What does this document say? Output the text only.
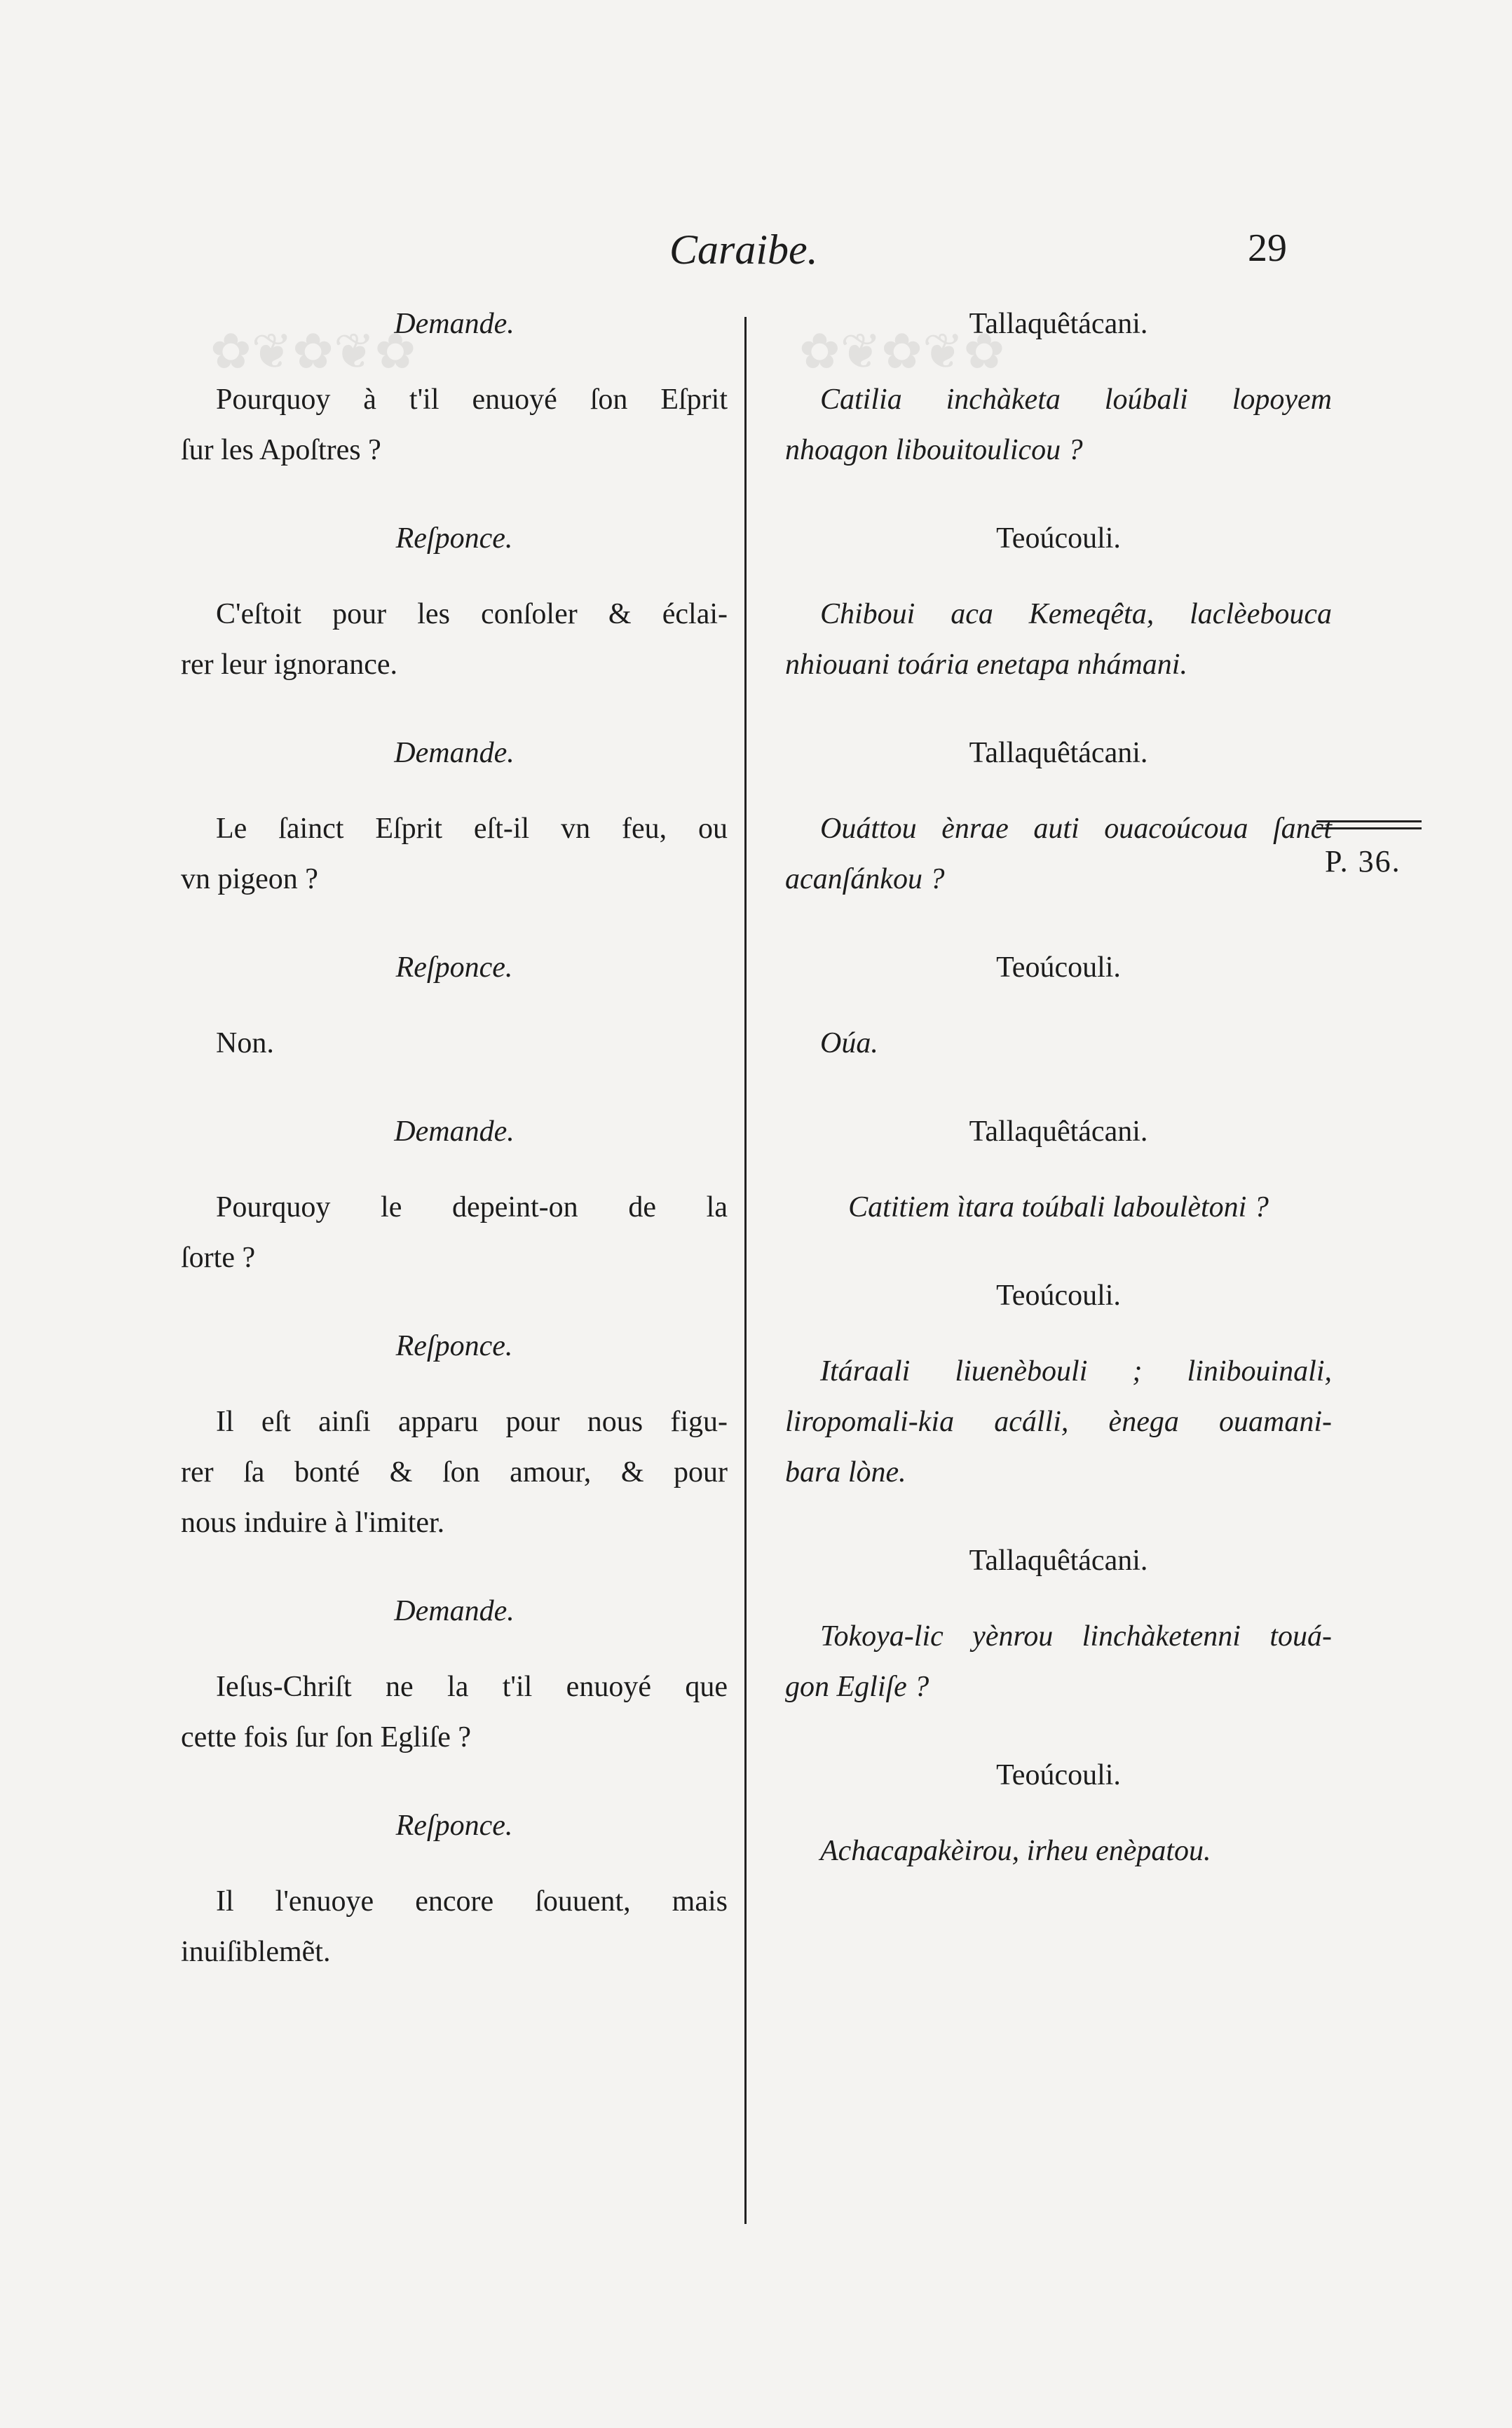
✿❦✿❦✿	✿❦✿❦✿
Caraibe.	29
P. 36.
Demande.
Pourquoy à t'il enuoyé ſon Eſprit
ſur les Apoſtres ?
Reſponce.
C'eſtoit pour les conſoler & éclai-
rer leur ignorance.
Demande.
Le ſainct Eſprit eſt-il vn feu, ou
vn pigeon ?
Reſponce.
Non.
Demande.
Pourquoy le depeint-on de la
ſorte ?
Reſponce.
Il eſt ainſi apparu pour nous figu-
rer ſa bonté & ſon amour, & pour
nous induire à l'imiter.
Demande.
Ieſus-Chriſt ne la t'il enuoyé que
cette fois ſur ſon Egliſe ?
Reſponce.
Il l'enuoye encore ſouuent, mais
inuiſiblemẽt.
Tallaquêtácani.
Catilia inchàketa loúbali lopoyem
nhoagon libouitoulicou ?
Teoúcouli.
Chiboui aca Kemeqêta, laclèebouca
nhiouani toária enetapa nhámani.
Tallaquêtácani.
Ouáttou ènrae auti ouacoúcoua ſanct
acanſánkou ?
Teoúcouli.
Oúa.
Tallaquêtácani.
Catitiem ìtara toúbali laboulètoni ?
Teoúcouli.
Itáraali liuenèbouli ; linibouinali,
liropomali-kia acálli, ènega ouamani-
bara lòne.
Tallaquêtácani.
Tokoya-lic yènrou linchàketenni touá-
gon Egliſe ?
Teoúcouli.
Achacapakèirou, irheu enèpatou.
